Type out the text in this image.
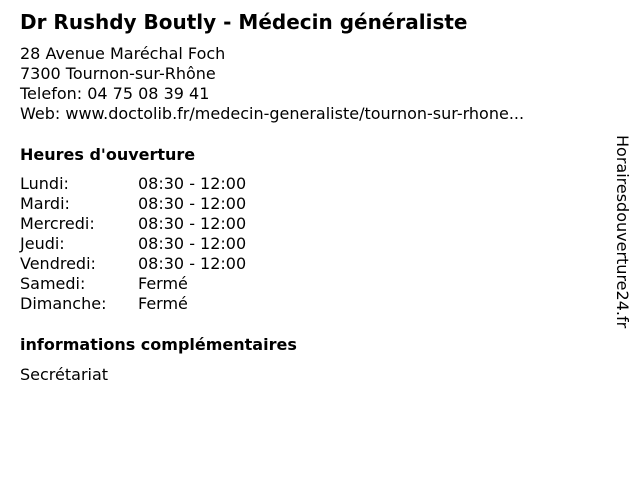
Dr Rushdy Boutly - Médecin généraliste
28 Avenue Maréchal Foch
7300 Tournon-sur-Rhône
Telefon: 04 75 08 39 41
Web: www.doctolib.fr/medecin-generaliste/tournon-sur-rhone...
Heures d'ouverture
Lundi:	08:30 - 12:00
Mardi:	08:30 - 12:00
Mercredi:	08:30 - 12:00
Jeudi:	08:30 - 12:00
Vendredi:	08:30 - 12:00
Samedi:	Fermé
Dimanche: Fermé
informations complémentaires
Secrétariat
Horairesdouverture24.fr
